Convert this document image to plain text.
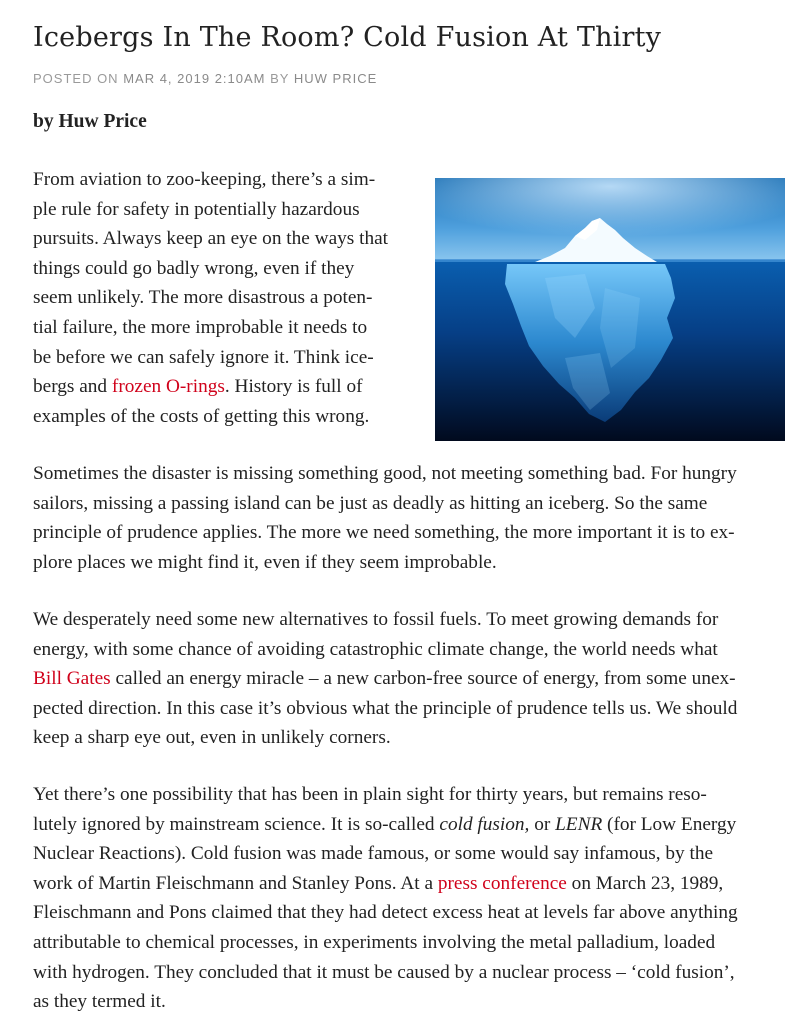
Icebergs In The Room? Cold Fusion At Thirty
POSTED ON MAR 4, 2019 2:10AM BY HUW PRICE

by Huw Price

From aviation to zoo-keeping, there’s a sim-
ple rule for safety in potentially hazardous
pursuits. Always keep an eye on the ways that
things could go badly wrong, even if they
seem unlikely. The more disastrous a poten-
tial failure, the more improbable it needs to
be before we can safely ignore it. Think ice-
bergs and frozen O-rings. History is full of
examples of the costs of getting this wrong.

Sometimes the disaster is missing something good, not meeting something bad. For hungry
sailors, missing a passing island can be just as deadly as hitting an iceberg. So the same
principle of prudence applies. The more we need something, the more important it is to ex-
plore places we might find it, even if they seem improbable.

We desperately need some new alternatives to fossil fuels. To meet growing demands for
energy, with some chance of avoiding catastrophic climate change, the world needs what
Bill Gates called an energy miracle – a new carbon-free source of energy, from some unex-
pected direction. In this case it’s obvious what the principle of prudence tells us. We should
keep a sharp eye out, even in unlikely corners.

Yet there’s one possibility that has been in plain sight for thirty years, but remains reso-
lutely ignored by mainstream science. It is so-called cold fusion, or LENR (for Low Energy
Nuclear Reactions). Cold fusion was made famous, or some would say infamous, by the
work of Martin Fleischmann and Stanley Pons. At a press conference on March 23, 1989,
Fleischmann and Pons claimed that they had detect excess heat at levels far above anything
attributable to chemical processes, in experiments involving the metal palladium, loaded
with hydrogen. They concluded that it must be caused by a nuclear process – ‘cold fusion’,
as they termed it.
